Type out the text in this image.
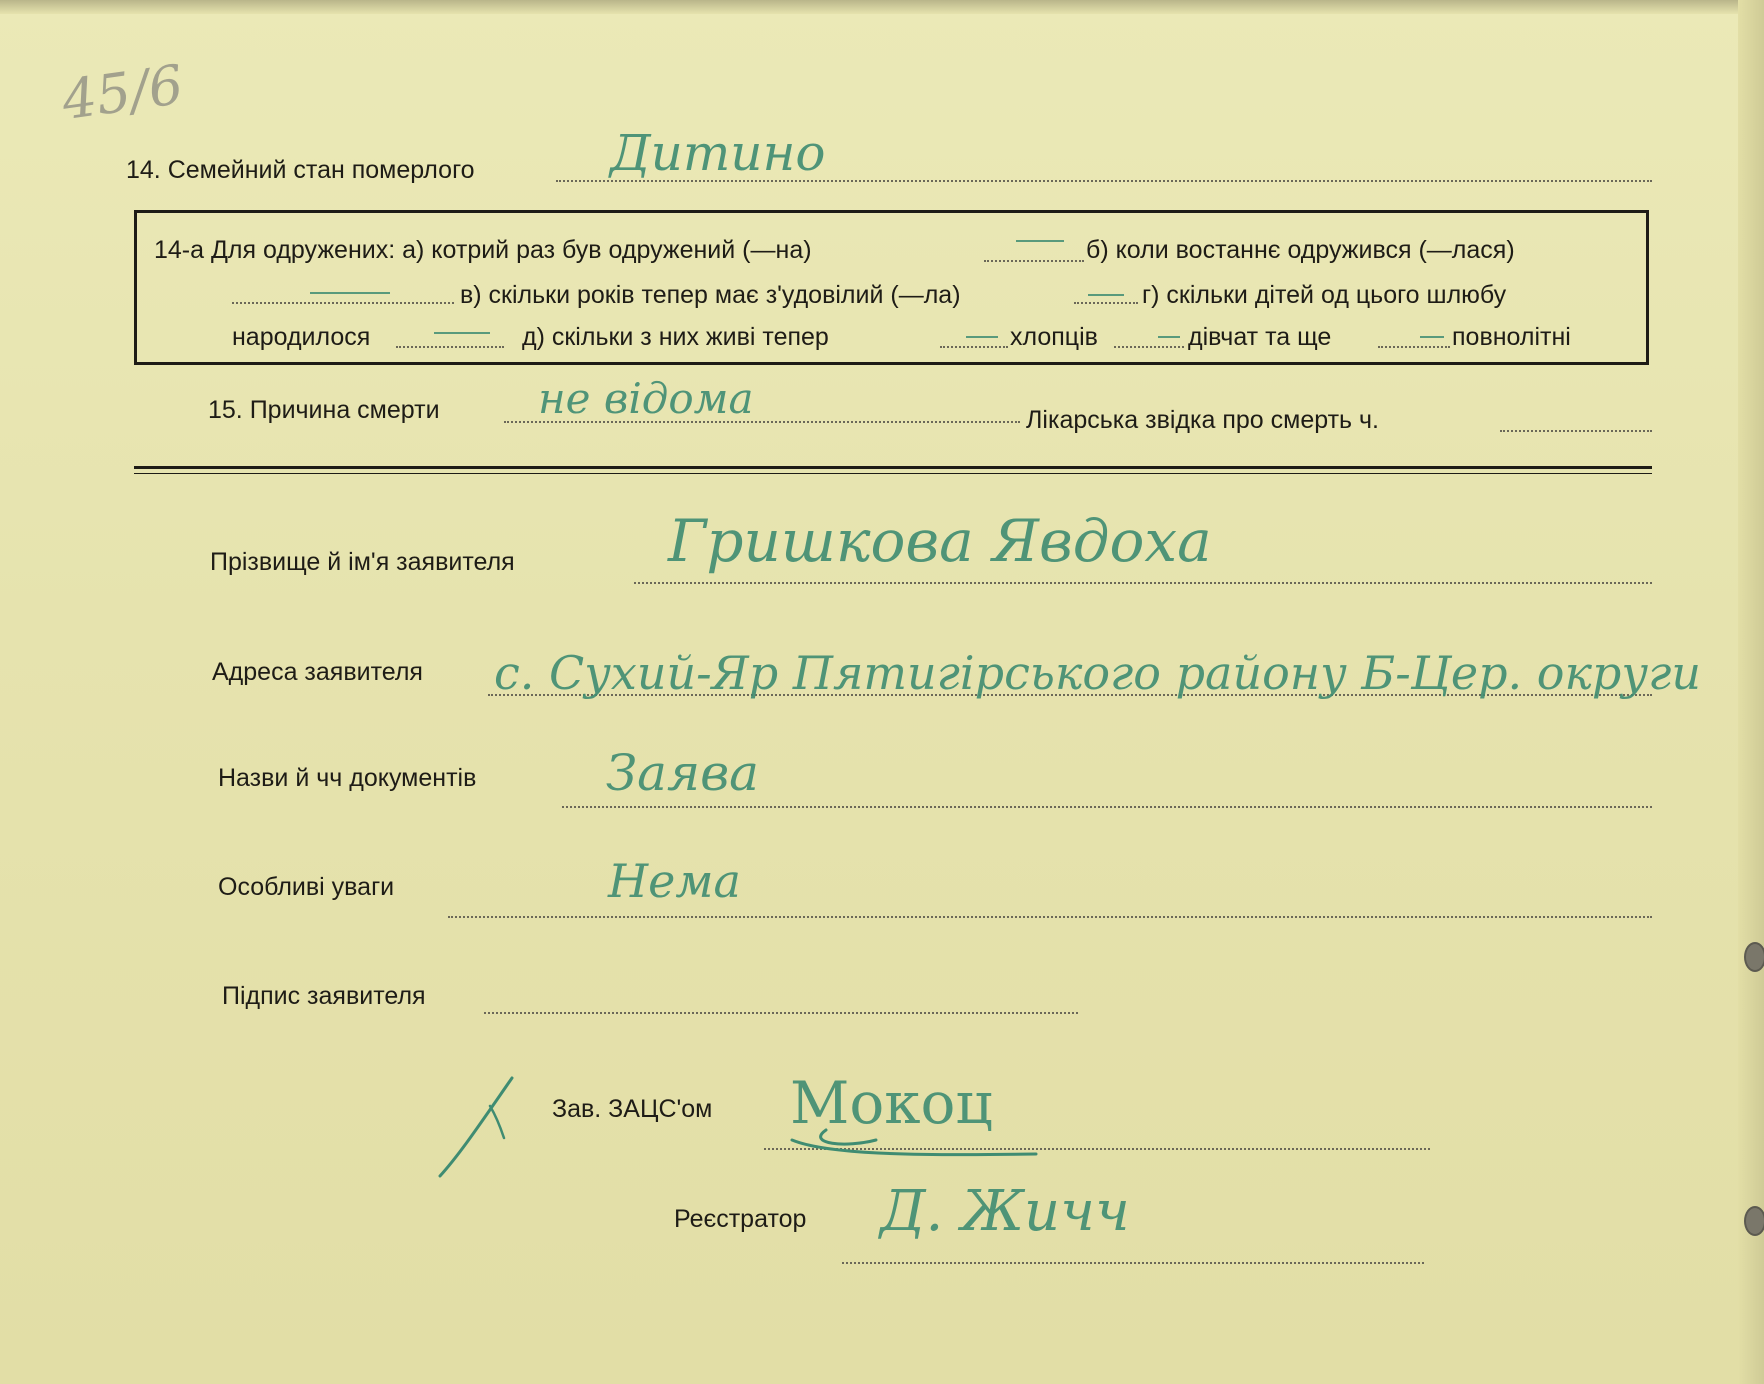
45/6
14. Семейний стан померлого	Дитино
14-а Для одружених: а) котрий раз був одружений (—на)	б) коли востаннє одружився (—лася)
в) скільки років тепер має з'удовілий (—ла)	г) скільки дітей од цього шлюбу
народилося	д) скільки з них живі тепер	хлопців	дівчат та ще	повнолітні
15. Причина смерти не відома	Лікарська звідка про смерть ч.
Прізвище й ім'я заявителя	Гришкова Явдоха
Адреса заявителя с. Сухий-Яр Пятигірського району Б-Цер. округи
Назви й чч документів	Заява
Особливі уваги	Нема
Підпис заявителя
Зав. ЗАЦС'ом Мокоц
Реєстратор Д. Жичч
